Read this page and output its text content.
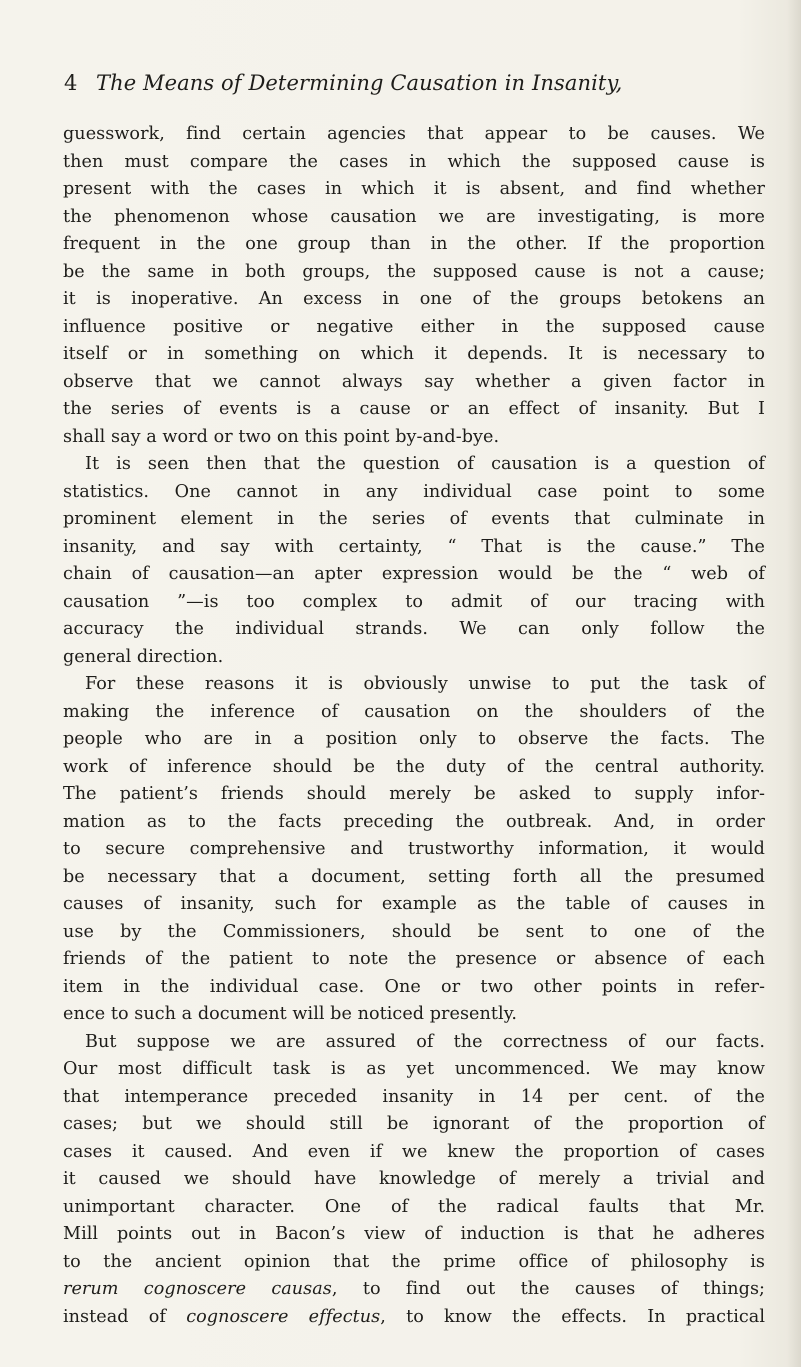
4 The Means of Determining Causation in Insanity,
guesswork, find certain agencies that appear to be causes. We
then must compare the cases in which the supposed cause is
present with the cases in which it is absent, and find whether
the phenomenon whose causation we are investigating, is more
frequent in the one group than in the other. If the proportion
be the same in both groups, the supposed cause is not a cause;
it is inoperative. An excess in one of the groups betokens an
influence positive or negative either in the supposed cause
itself or in something on which it depends. It is necessary to
observe that we cannot always say whether a given factor in
the series of events is a cause or an effect of insanity. But I
shall say a word or two on this point by-and-bye.
It is seen then that the question of causation is a question of
statistics. One cannot in any individual case point to some
prominent element in the series of events that culminate in
insanity, and say with certainty, “ That is the cause.” The
chain of causation—an apter expression would be the “ web of
causation ”—is too complex to admit of our tracing with
accuracy the individual strands. We can only follow the
general direction.
For these reasons it is obviously unwise to put the task of
making the inference of causation on the shoulders of the
people who are in a position only to observe the facts. The
work of inference should be the duty of the central authority.
The patient’s friends should merely be asked to supply infor-
mation as to the facts preceding the outbreak. And, in order
to secure comprehensive and trustworthy information, it would
be necessary that a document, setting forth all the presumed
causes of insanity, such for example as the table of causes in
use by the Commissioners, should be sent to one of the
friends of the patient to note the presence or absence of each
item in the individual case. One or two other points in refer-
ence to such a document will be noticed presently.
But suppose we are assured of the correctness of our facts.
Our most difficult task is as yet uncommenced. We may know
that intemperance preceded insanity in 14 per cent. of the
cases; but we should still be ignorant of the proportion of
cases it caused. And even if we knew the proportion of cases
it caused we should have knowledge of merely a trivial and
unimportant character. One of the radical faults that Mr.
Mill points out in Bacon’s view of induction is that he adheres
to the ancient opinion that the prime office of philosophy is
rerum cognoscere causas, to find out the causes of things;
instead of cognoscere effectus, to know the effects. In practical
